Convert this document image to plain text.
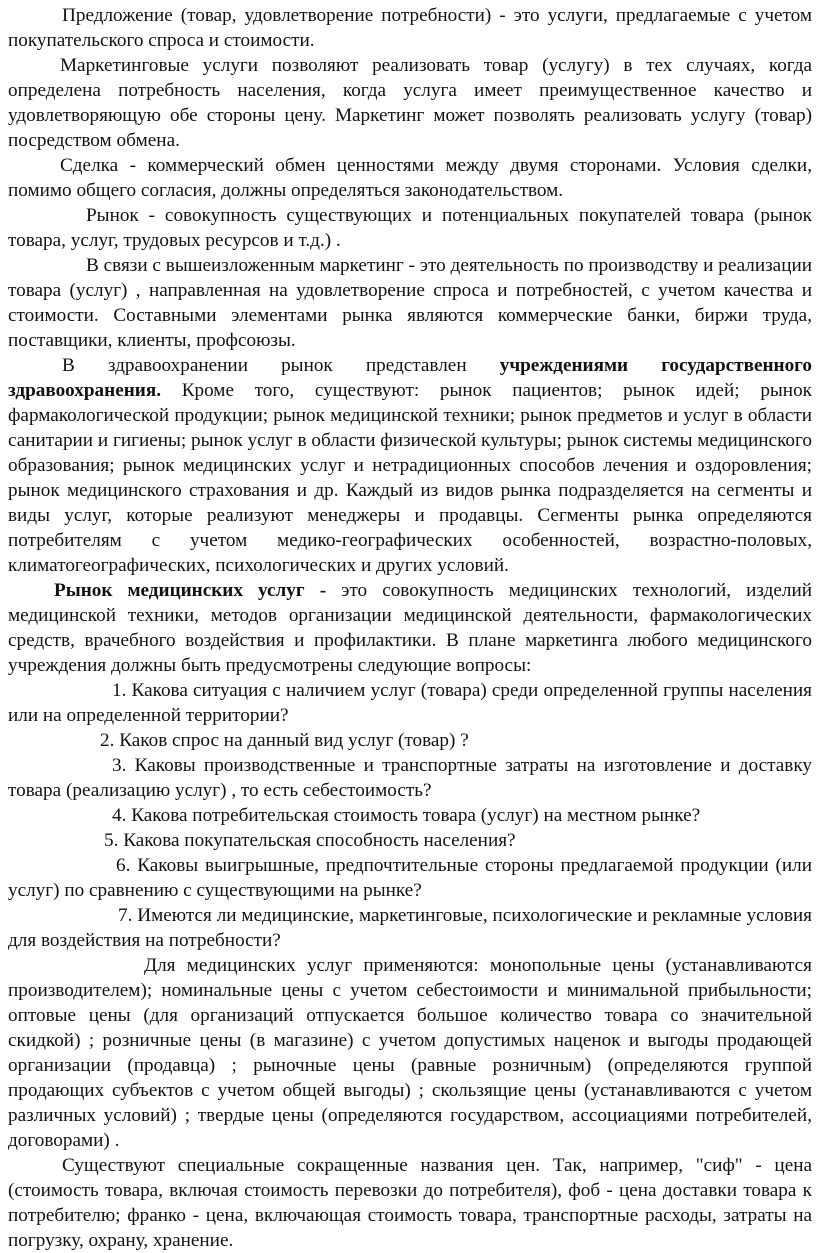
Предложение (товар, удовлетворение потребности) - это услуги, предлагаемые с учетом покупательского спроса и стоимости.

Маркетинговые услуги позволяют реализовать товар (услугу) в тех случаях, когда определена потребность населения, когда услуга имеет преимущественное качество и удовлетворяющую обе стороны цену. Маркетинг может позволять реализовать услугу (товар) посредством обмена.

Сделка - коммерческий обмен ценностями между двумя сторонами. Условия сделки, помимо общего согласия, должны определяться законодательством.

Рынок - совокупность существующих и потенциальных покупателей товара (рынок товара, услуг, трудовых ресурсов и т.д.) .

В связи с вышеизложенным маркетинг - это деятельность по производству и реализации товара (услуг) , направленная на удовлетворение спроса и потребностей, с учетом качества и стоимости. Составными элементами рынка являются коммерческие банки, биржи труда, поставщики, клиенты, профсоюзы.

В здравоохранении рынок представлен учреждениями государственного здравоохранения. Кроме того, существуют: рынок пациентов; рынок идей; рынок фармакологической продукции; рынок медицинской техники; рынок предметов и услуг в области санитарии и гигиены; рынок услуг в области физической культуры; рынок системы медицинского образования; рынок медицинских услуг и нетрадиционных способов лечения и оздоровления; рынок медицинского страхования и др. Каждый из видов рынка подразделяется на сегменты и виды услуг, которые реализуют менеджеры и продавцы. Сегменты рынка определяются потребителям с учетом медико-географических особенностей, возрастно-половых, климатогеографических, психологических и других условий.

Рынок медицинских услуг - это совокупность медицинских технологий, изделий медицинской техники, методов организации медицинской деятельности, фармакологических средств, врачебного воздействия и профилактики. В плане маркетинга любого медицинского учреждения должны быть предусмотрены следующие вопросы:

1. Какова ситуация с наличием услуг (товара) среди определенной группы населения или на определенной территории?

2. Каков спрос на данный вид услуг (товар) ?

3. Каковы производственные и транспортные затраты на изготовление и доставку товара (реализацию услуг) , то есть себестоимость?

4. Какова потребительская стоимость товара (услуг) на местном рынке?

5. Какова покупательская способность населения?

6. Каковы выигрышные, предпочтительные стороны предлагаемой продукции (или услуг) по сравнению с существующими на рынке?

7. Имеются ли медицинские, маркетинговые, психологические и рекламные условия для воздействия на потребности?

Для медицинских услуг применяются: монопольные цены (устанавливаются производителем); номинальные цены с учетом себестоимости и минимальной прибыльности; оптовые цены (для организаций отпускается большое количество товара со значительной скидкой) ; розничные цены (в магазине) с учетом допустимых наценок и выгоды продающей организации (продавца) ; рыночные цены (равные розничным) (определяются группой продающих субъектов с учетом общей выгоды) ; скользящие цены (устанавливаются с учетом различных условий) ; твердые цены (определяются государством, ассоциациями потребителей, договорами) .

Существуют специальные сокращенные названия цен. Так, например, "сиф" - цена (стоимость товара, включая стоимость перевозки до потребителя), фоб - цена доставки товара к потребителю; франко - цена, включающая стоимость товара, транспортные расходы, затраты на погрузку, охрану, хранение.
